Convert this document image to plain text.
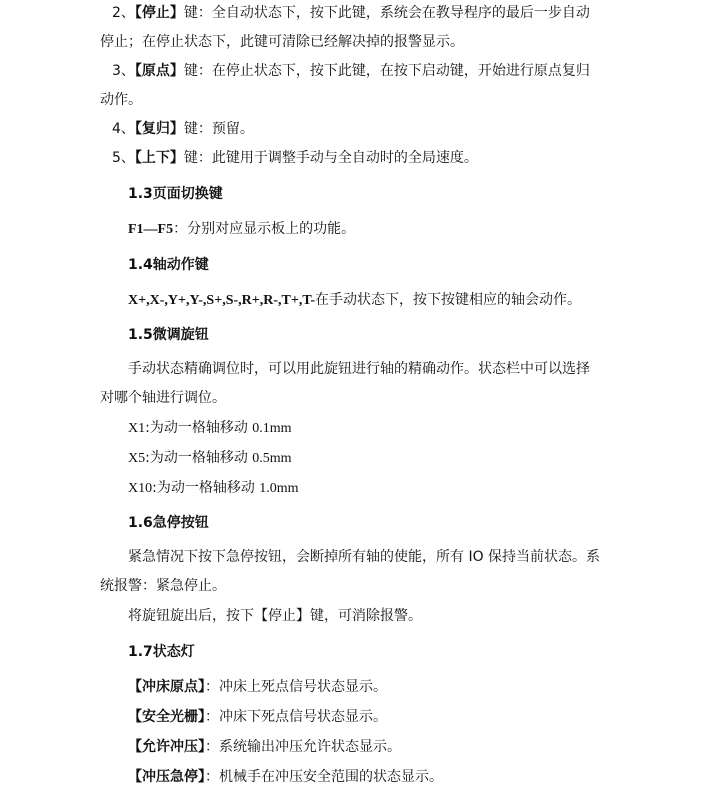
2、【停止】键：全自动状态下，按下此键，系统会在教导程序的最后一步自动
停止；在停止状态下，此键可清除已经解决掉的报警显示。
3、【原点】键：在停止状态下，按下此键，在按下启动键，开始进行原点复归
动作。
4、【复归】键：预留。
5、【上下】键：此键用于调整手动与全自动时的全局速度。
1.3页面切换键
F1—F5：分别对应显示板上的功能。
1.4轴动作键
X+,X-,Y+,Y-,S+,S-,R+,R-,T+,T-在手动状态下，按下按键相应的轴会动作。
1.5微调旋钮
手动状态精确调位时，可以用此旋钮进行轴的精确动作。状态栏中可以选择
对哪个轴进行调位。
X1:为动一格轴移动 0.1mm
X5:为动一格轴移动 0.5mm
X10:为动一格轴移动 1.0mm
1.6急停按钮
紧急情况下按下急停按钮，会断掉所有轴的使能，所有 IO 保持当前状态。系
统报警：紧急停止。
将旋钮旋出后，按下【停止】键，可消除报警。
1.7状态灯
【冲床原点】：冲床上死点信号状态显示。
【安全光栅】：冲床下死点信号状态显示。
【允许冲压】：系统输出冲压允许状态显示。
【冲压急停】：机械手在冲压安全范围的状态显示。
